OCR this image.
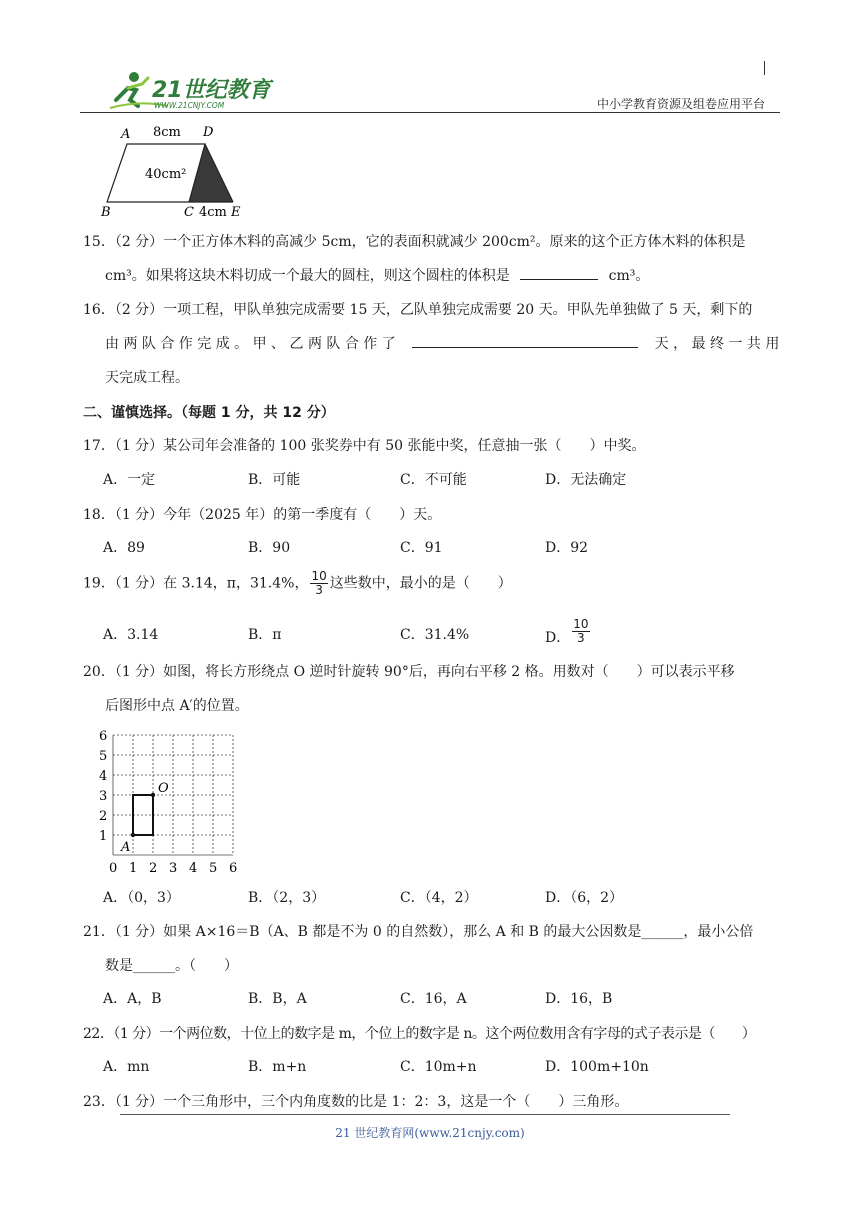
21世纪教育
WWW.21CNJY.COM	中小学教育资源及组卷应用平台
A 8cm D
40cm²
B	C 4cm E
15．（2 分）一个正方体木料的高减少 5cm，它的表面积就减少 200cm²。原来的这个正方体木料的体积是
cm³。如果将这块木料切成一个最大的圆柱，则这个圆柱的体积是	cm³。
16．（2 分）一项工程，甲队单独完成需要 15 天，乙队单独完成需要 20 天。甲队先单独做了 5 天，剩下的
由 两 队 合 作 完 成 。 甲 、 乙 两 队 合 作 了	天 ， 最 终 一 共 用
天完成工程。
二、谨慎选择。（每题 1 分，共 12 分）
17．（1 分）某公司年会准备的 100 张奖券中有 50 张能中奖，任意抽一张（　　）中奖。
A．一定	B．可能	C．不可能	D．无法确定
18．（1 分）今年（2025 年）的第一季度有（　　）天。
A．89	B．90	C．91	D．92
19．（1 分）在 3.14，π，31.4%， $\frac{10}{3}$ 这些数中，最小的是（　　）
A．3.14	B．π	C．31.4%	D． $\frac{10}{3}$
20．（1 分）如图，将长方形绕点 O 逆时针旋转 90°后，再向右平移 2 格。用数对（　　）可以表示平移
后图形中点 A′的位置。
O
A
6
5
4
3
2
1
0 1 2 3 4 5 6
A．（0，3）	B．（2，3）	C．（4，2）	D．（6，2）
21．（1 分）如果 A×16＝B（A、B 都是不为 0 的自然数），那么 A 和 B 的最大公因数是______，最小公倍
数是______。（　　）
A．A，B	B．B，A	C．16，A	D．16，B
22．（1 分）一个两位数，十位上的数字是 m，个位上的数字是 n。这个两位数用含有字母的式子表示是（　　）
A．mn	B．m+n	C．10m+n	D．100m+10n
23．（1 分）一个三角形中，三个内角度数的比是 1：2：3，这是一个（　　）三角形。
21 世纪教育网(www.21cnjy.com)
